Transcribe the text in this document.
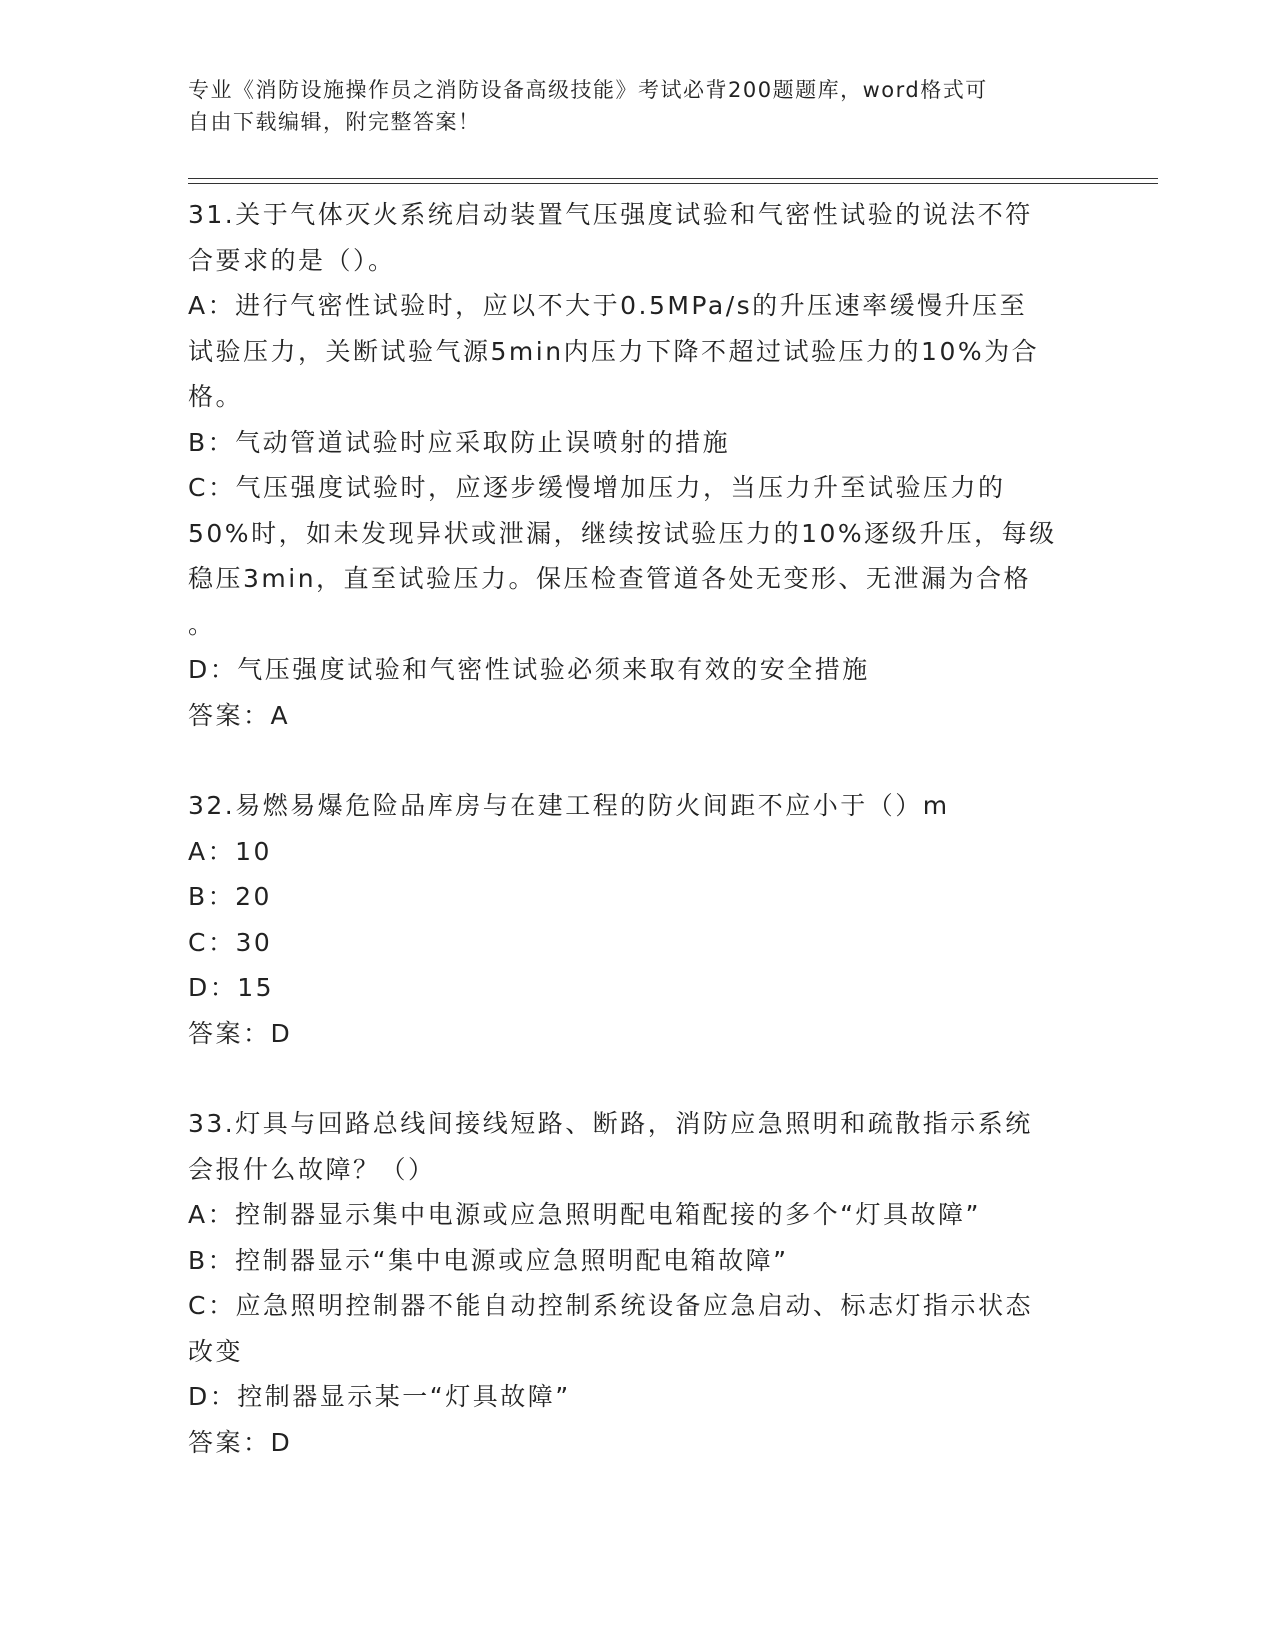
专业《消防设施操作员之消防设备高级技能》考试必背200题题库，word格式可
自由下载编辑，附完整答案！

31.关于气体灭火系统启动装置气压强度试验和气密性试验的说法不符

合要求的是（）。

A：进行气密性试验时，应以不大于0.5MPa/s的升压速率缓慢升压至

试验压力，关断试验气源5min内压力下降不超过试验压力的10%为合

格。

B：气动管道试验时应采取防止误喷射的措施

C：气压强度试验时，应逐步缓慢增加压力，当压力升至试验压力的

50%时，如未发现异状或泄漏，继续按试验压力的10%逐级升压，每级

稳压3min，直至试验压力。保压检查管道各处无变形、无泄漏为合格

。

D：气压强度试验和气密性试验必须来取有效的安全措施

答案：A

32.易燃易爆危险品库房与在建工程的防火间距不应小于（）m

A：10

B：20

C：30

D：15

答案：D

33.灯具与回路总线间接线短路、断路，消防应急照明和疏散指示系统

会报什么故障？（）

A：控制器显示集中电源或应急照明配电箱配接的多个“灯具故障”

B：控制器显示“集中电源或应急照明配电箱故障”

C：应急照明控制器不能自动控制系统设备应急启动、标志灯指示状态

改变

D：控制器显示某一“灯具故障”

答案：D
